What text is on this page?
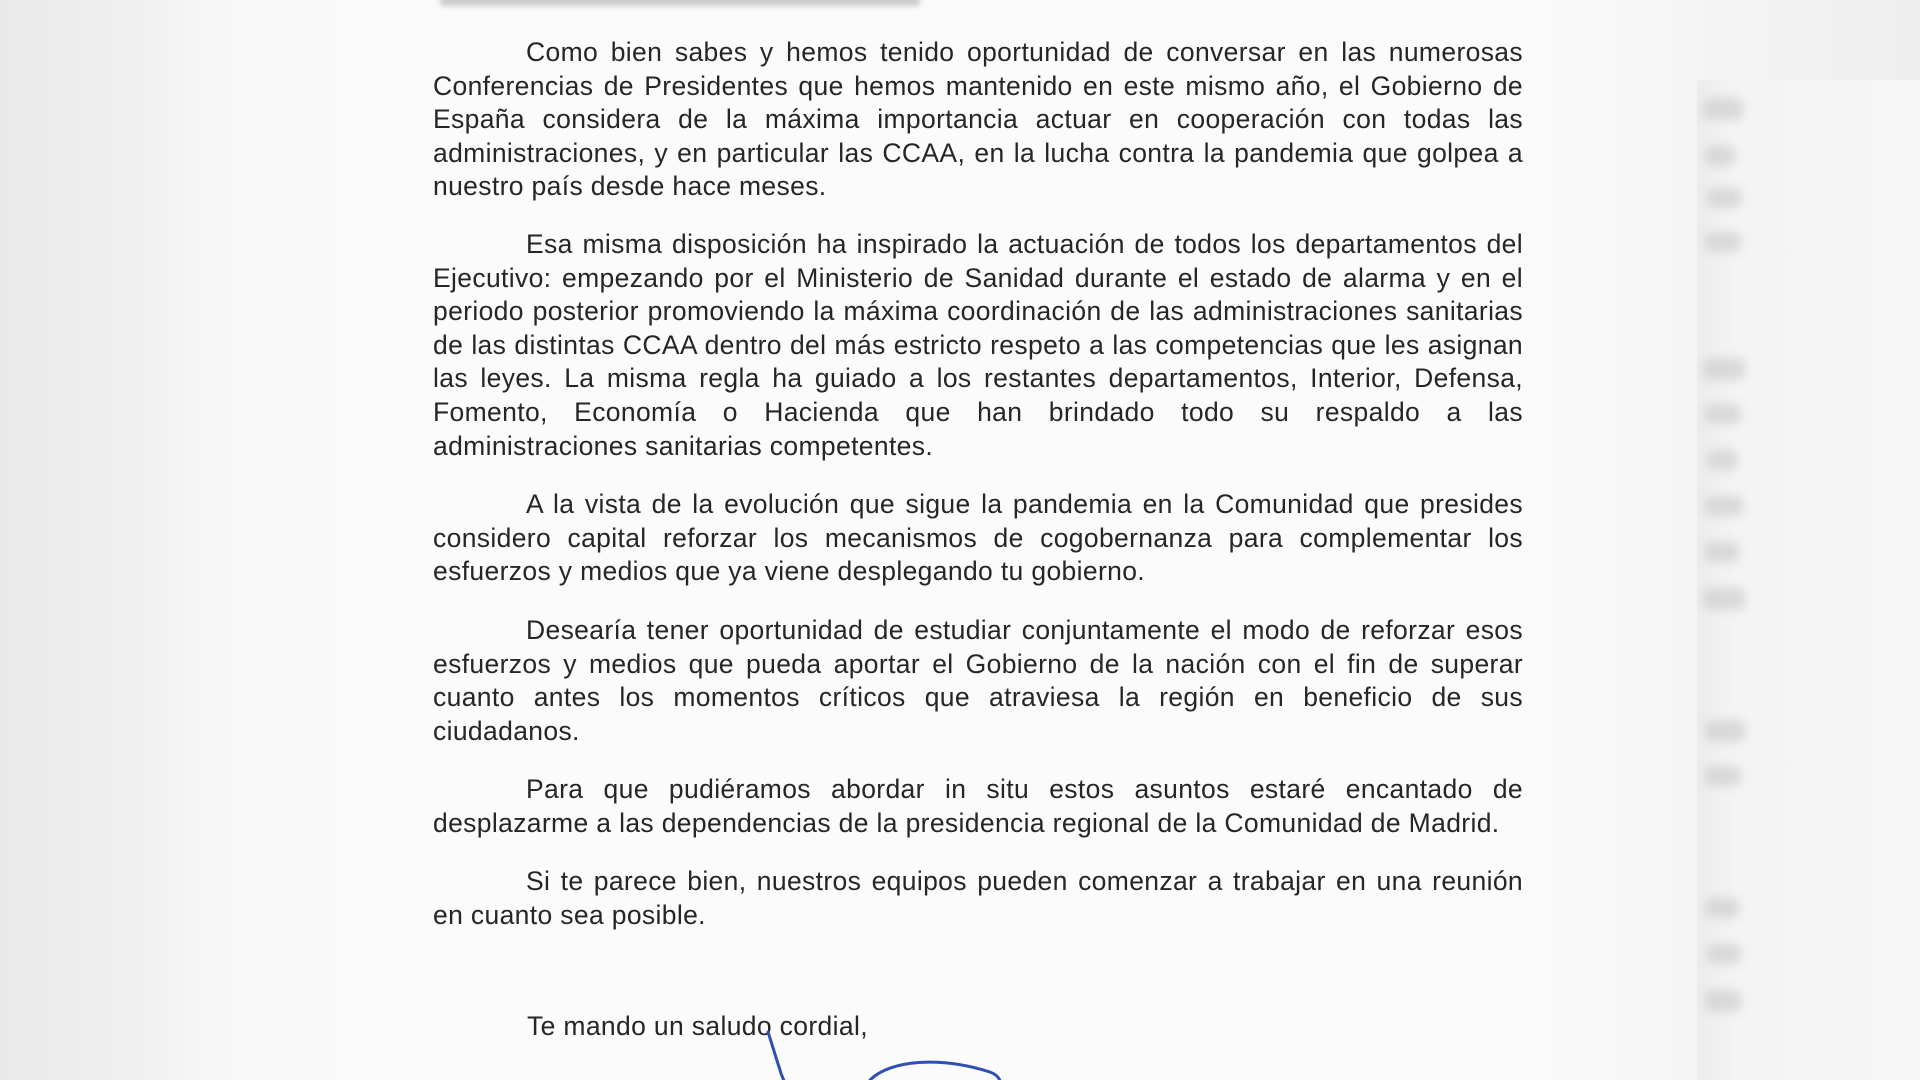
Como bien sabes y hemos tenido oportunidad de conversar en las numerosas Conferencias de Presidentes que hemos mantenido en este mismo año, el Gobierno de España considera de la máxima importancia actuar en cooperación con todas las administraciones, y en particular las CCAA, en la lucha contra la pandemia que golpea a nuestro país desde hace meses.

Esa misma disposición ha inspirado la actuación de todos los departamentos del Ejecutivo: empezando por el Ministerio de Sanidad durante el estado de alarma y en el periodo posterior promoviendo la máxima coordinación de las administraciones sanitarias de las distintas CCAA dentro del más estricto respeto a las competencias que les asignan las leyes. La misma regla ha guiado a los restantes departamentos, Interior, Defensa, Fomento, Economía o Hacienda que han brindado todo su respaldo a las administraciones sanitarias competentes.

A la vista de la evolución que sigue la pandemia en la Comunidad que presides considero capital reforzar los mecanismos de cogobernanza para complementar los esfuerzos y medios que ya viene desplegando tu gobierno.

Desearía tener oportunidad de estudiar conjuntamente el modo de reforzar esos esfuerzos y medios que pueda aportar el Gobierno de la nación con el fin de superar cuanto antes los momentos críticos que atraviesa la región en beneficio de sus ciudadanos.

Para que pudiéramos abordar in situ estos asuntos estaré encantado de desplazarme a las dependencias de la presidencia regional de la Comunidad de Madrid.

Si te parece bien, nuestros equipos pueden comenzar a trabajar en una reunión en cuanto sea posible.

Te mando un saludo cordial,
